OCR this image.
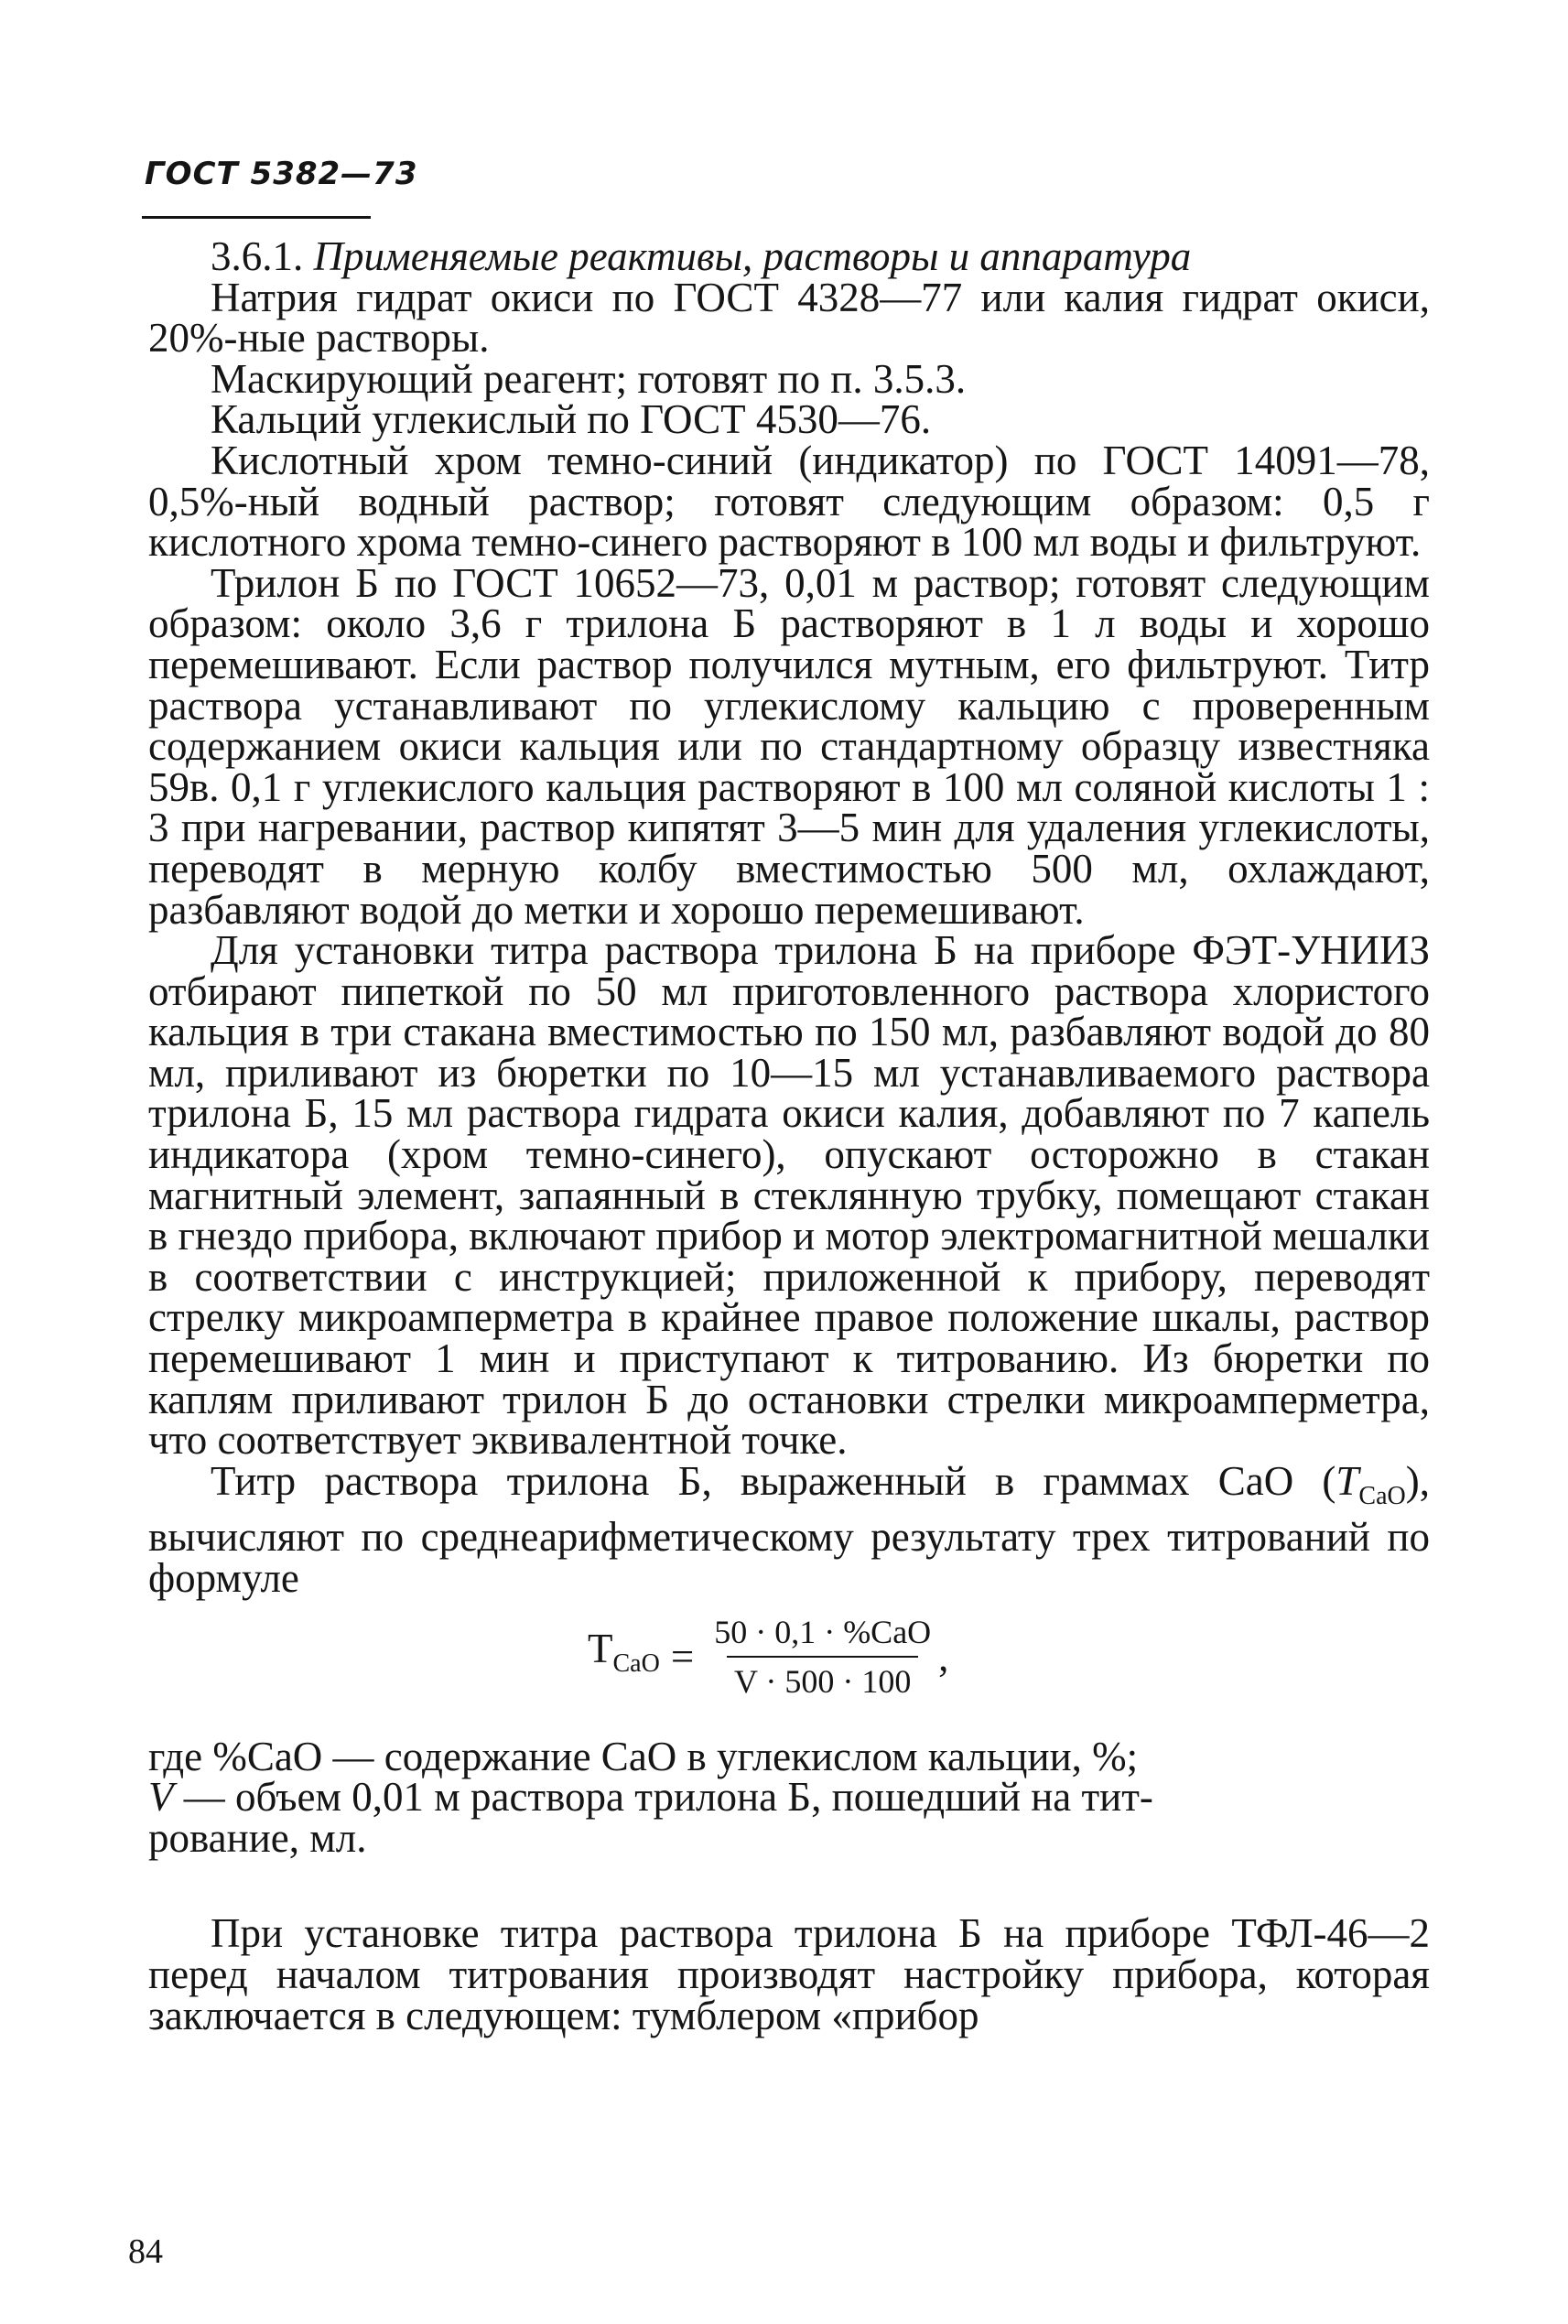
ГОСТ 5382—73

3.6.1. Применяемые реактивы, растворы и аппаратура

Натрия гидрат окиси по ГОСТ 4328—77 или калия гидрат окиси, 20%-ные растворы.

Маскирующий реагент; готовят по п. 3.5.3.

Кальций углекислый по ГОСТ 4530—76.

Кислотный хром темно-синий (индикатор) по ГОСТ 14091—78, 0,5%-ный водный раствор; готовят следующим образом: 0,5 г кислотного хрома темно-синего растворяют в 100 мл воды и фильтруют.

Трилон Б по ГОСТ 10652—73, 0,01 м раствор; готовят следующим образом: около 3,6 г трилона Б растворяют в 1 л воды и хорошо перемешивают. Если раствор получился мутным, его фильтруют. Титр раствора устанавливают по углекислому кальцию с проверенным содержанием окиси кальция или по стандартному образцу известняка 59в. 0,1 г углекислого кальция растворяют в 100 мл соляной кислоты 1 : 3 при нагревании, раствор кипятят 3—5 мин для удаления углекислоты, переводят в мерную колбу вместимостью 500 мл, охлаждают, разбавляют водой до метки и хорошо перемешивают.

Для установки титра раствора трилона Б на приборе ФЭТ-УНИИЗ отбирают пипеткой по 50 мл приготовленного раствора хлористого кальция в три стакана вместимостью по 150 мл, разбавляют водой до 80 мл, приливают из бюретки по 10—15 мл устанавливаемого раствора трилона Б, 15 мл раствора гидрата окиси калия, добавляют по 7 капель индикатора (хром темно-синего), опускают осторожно в стакан магнитный элемент, запаянный в стеклянную трубку, помещают стакан в гнездо прибора, включают прибор и мотор электромагнитной мешалки в соответствии с инструкцией; приложенной к прибору, переводят стрелку микроамперметра в крайнее правое положение шкалы, раствор перемешивают 1 мин и приступают к титрованию. Из бюретки по каплям приливают трилон Б до остановки стрелки микроамперметра, что соответствует эквивалентной точке.

Титр раствора трилона Б, выраженный в граммах CaO $(T_{CaO})$, вычисляют по среднеарифметическому результату трех титрований по формуле

$T_{CaO} = \frac{\text{50 · 0,1 · \%CaO}}{V \cdot 500 \cdot 100}$ ,

где %CaO — содержание CaO в углекислом кальции, %;

V — объем 0,01 м раствора трилона Б, пошедший на тит-

рование, мл.

При установке титра раствора трилона Б на приборе ТФЛ-46—2 перед началом титрования производят настройку прибора, которая заключается в следующем: тумблером «прибор

84
